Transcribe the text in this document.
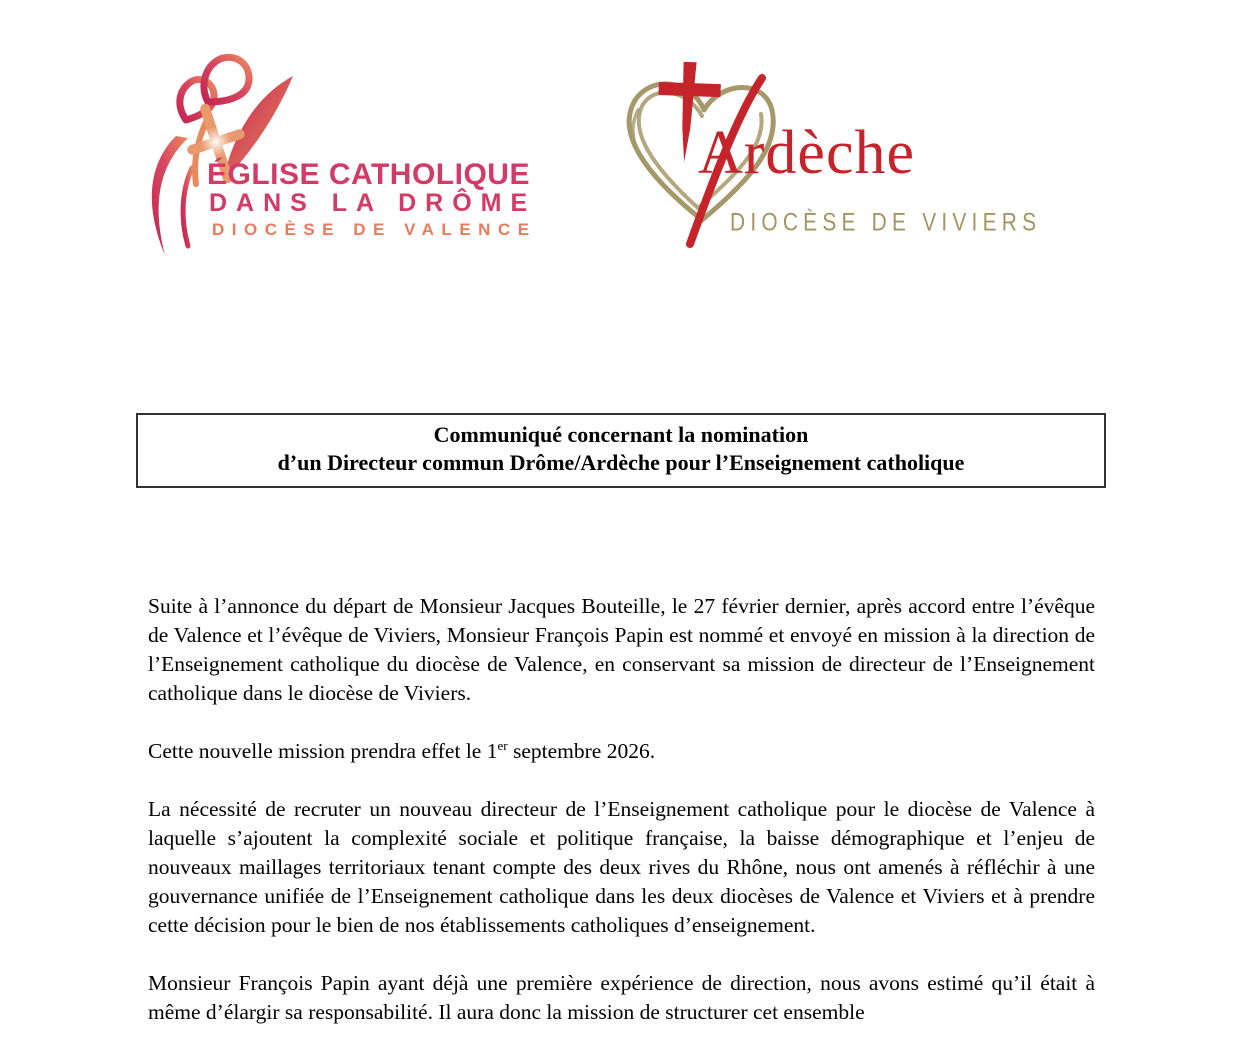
ÉGLISE CATHOLIQUE
DANS LA DRÔME
DIOCÈSE DE VALENCE
Ardèche
DIOCÈSE DE VIVIERS
Communiqué concernant la nomination
d’un Directeur commun Drôme/Ardèche pour l’Enseignement catholique

Suite à l’annonce du départ de Monsieur Jacques Bouteille, le 27 février dernier, après accord entre l’évêque de Valence et l’évêque de Viviers, Monsieur François Papin est nommé et envoyé en mission à la direction de l’Enseignement catholique du diocèse de Valence, en conservant sa mission de directeur de l’Enseignement catholique dans le diocèse de Viviers.

Cette nouvelle mission prendra effet le 1er septembre 2026.

La nécessité de recruter un nouveau directeur de l’Enseignement catholique pour le diocèse de Valence à laquelle s’ajoutent la complexité sociale et politique française, la baisse démographique et l’enjeu de nouveaux maillages territoriaux tenant compte des deux rives du Rhône, nous ont amenés à réfléchir à une gouvernance unifiée de l’Enseignement catholique dans les deux diocèses de Valence et Viviers et à prendre cette décision pour le bien de nos établissements catholiques d’enseignement.

Monsieur François Papin ayant déjà une première expérience de direction, nous avons estimé qu’il était à même d’élargir sa responsabilité. Il aura donc la mission de structurer cet ensemble
